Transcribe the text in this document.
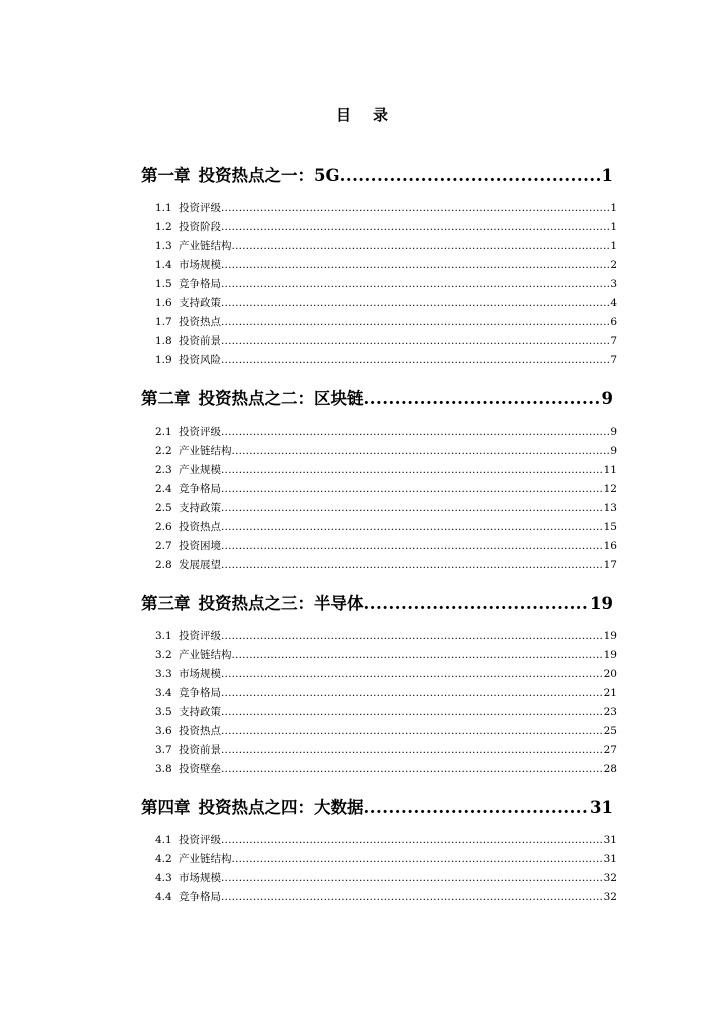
目录
第一章 投资热点之一：5G .....	1
1.1 投资评级 .....	1
1.2 投资阶段 .....	1
1.3 产业链结构 .....	1
1.4 市场规模 .....	2
1.5 竞争格局 .....	3
1.6 支持政策 .....	4
1.7 投资热点 .....	6
1.8 投资前景 .....	7
1.9 投资风险 .....	7
第二章 投资热点之二：区块链 .....	9
2.1 投资评级 .....	9
2.2 产业链结构 .....	9
2.3 产业规模 .....	11
2.4 竞争格局 .....	12
2.5 支持政策 .....	13
2.6 投资热点 .....	15
2.7 投资困境 .....	16
2.8 发展展望 .....	17
第三章 投资热点之三：半导体 .....	19
3.1 投资评级 .....	19
3.2 产业链结构 .....	19
3.3 市场规模 .....	20
3.4 竞争格局 .....	21
3.5 支持政策 .....	23
3.6 投资热点 .....	25
3.7 投资前景 .....	27
3.8 投资壁垒 .....	28
第四章 投资热点之四：大数据 .....	31
4.1 投资评级 .....	31
4.2 产业链结构 .....	31
4.3 市场规模 .....	32
4.4 竞争格局 .....	32
